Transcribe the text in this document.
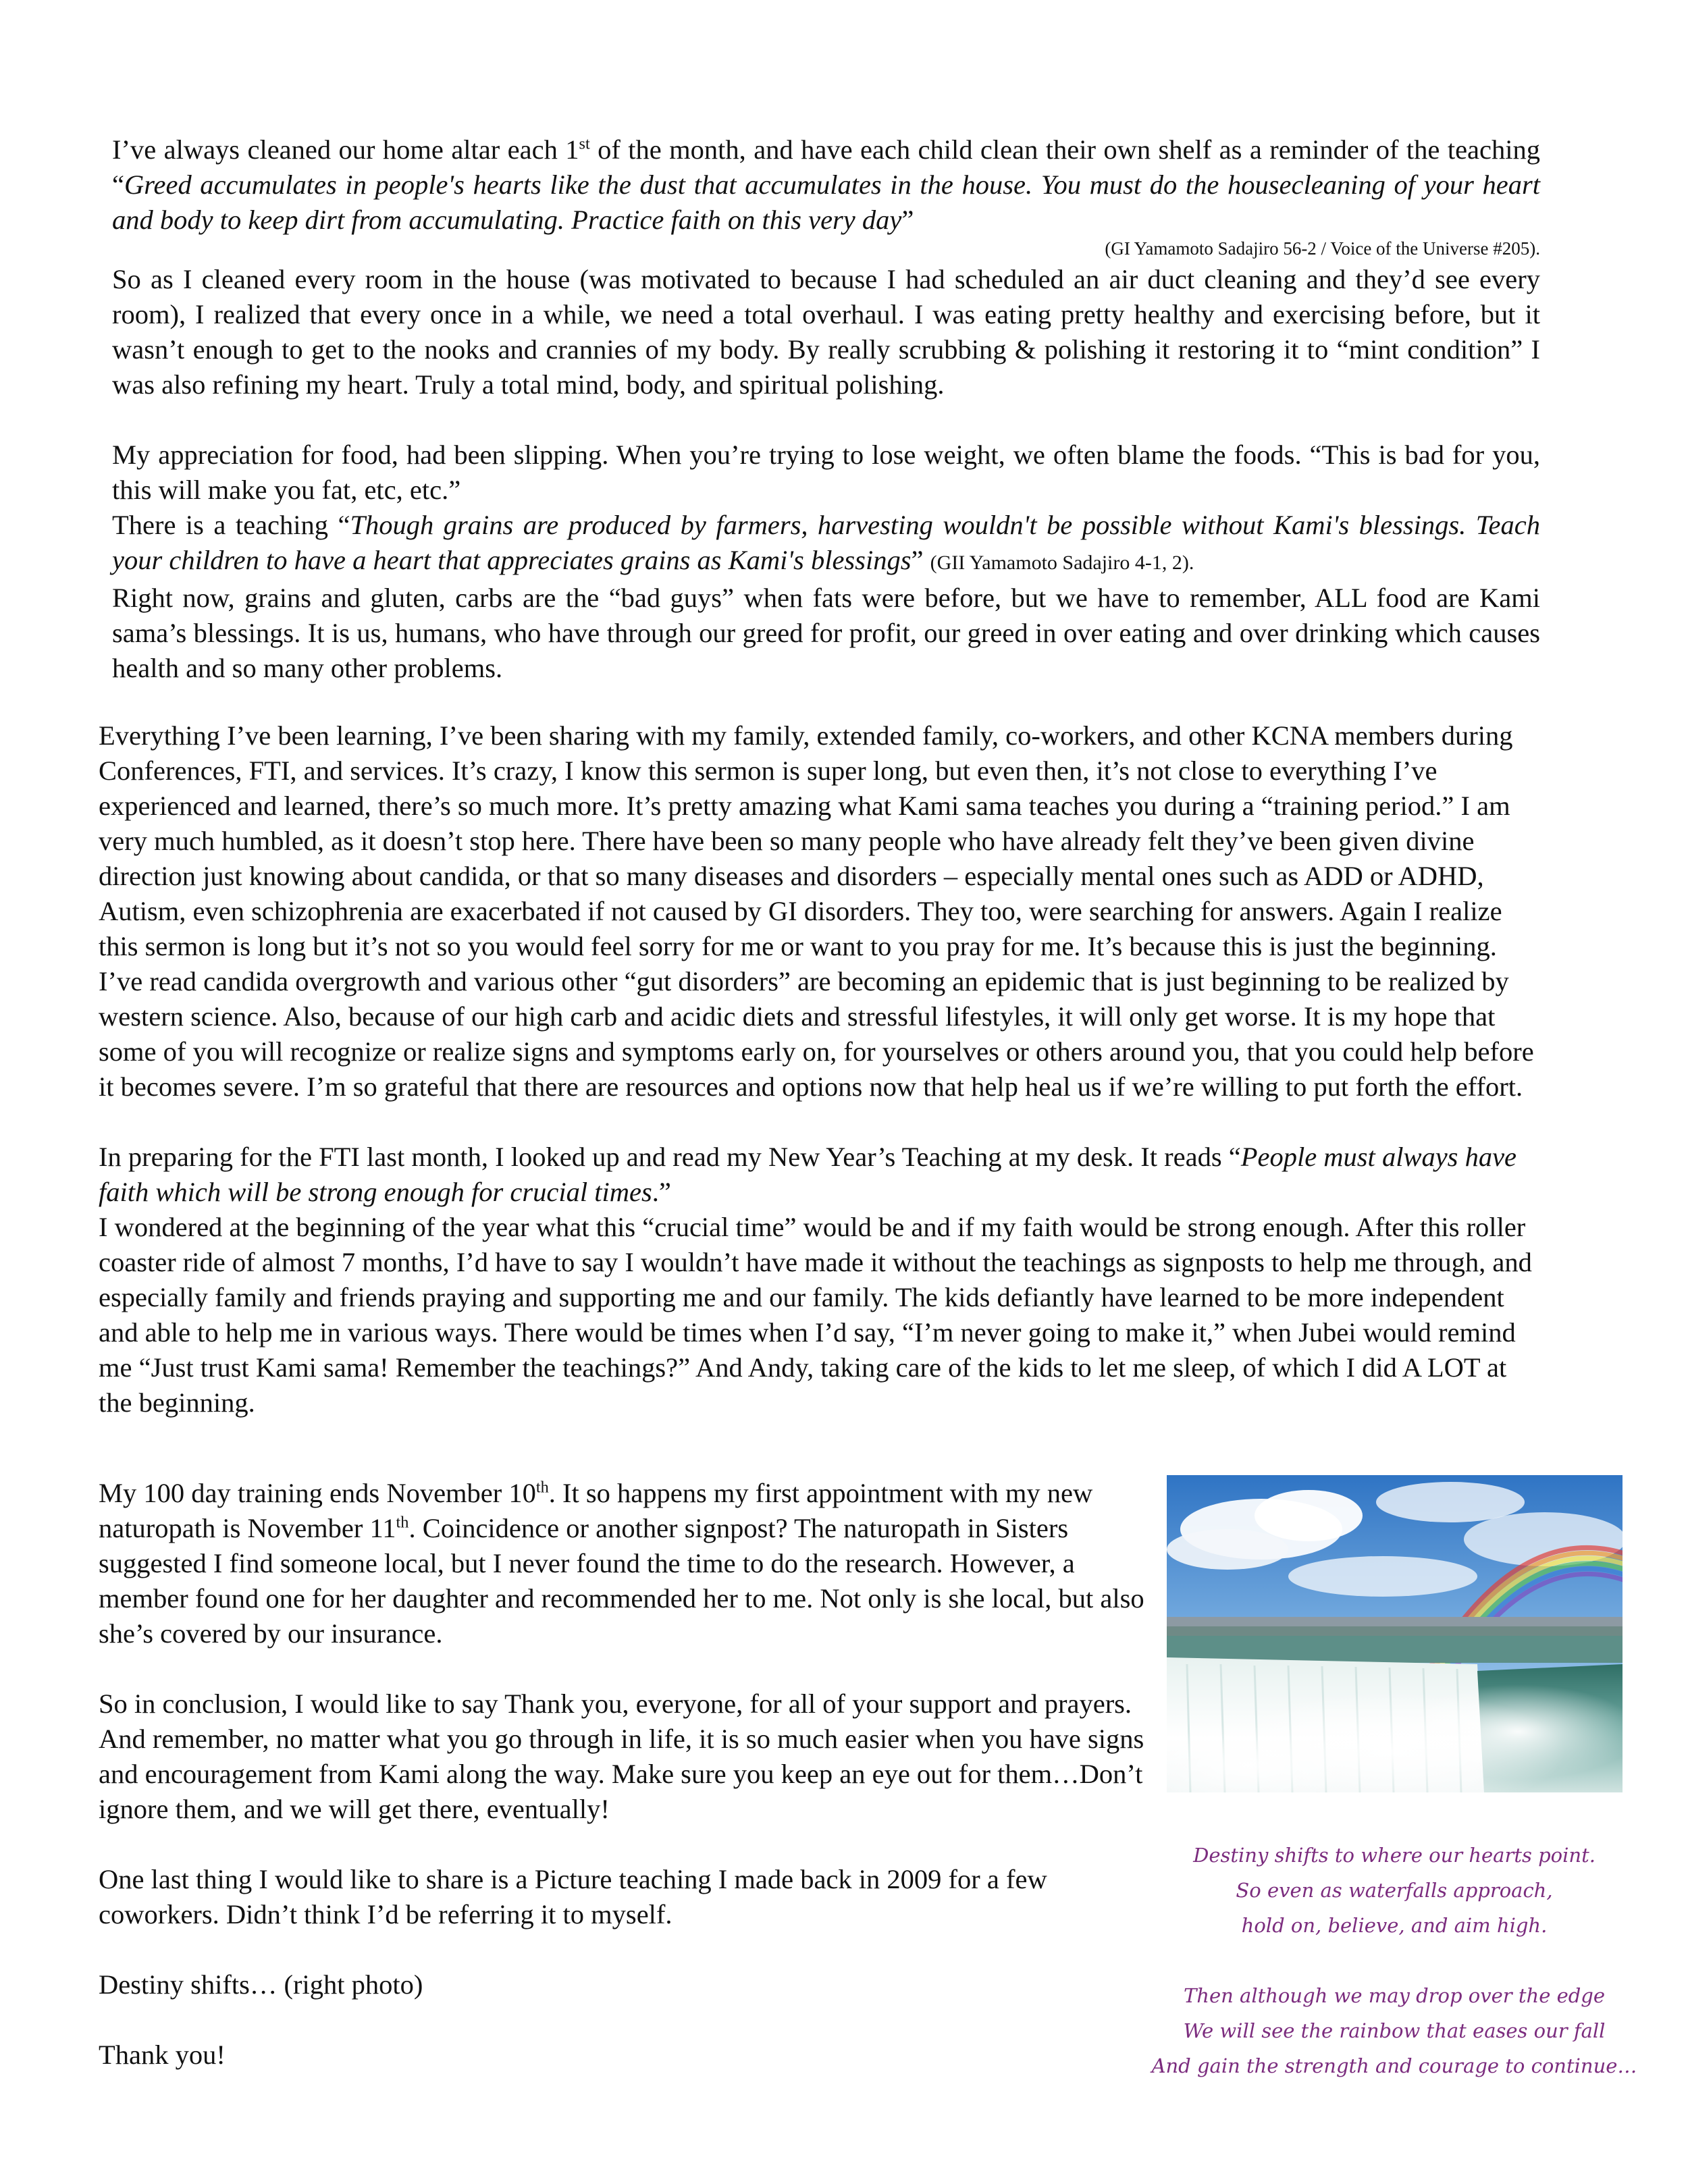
I’ve always cleaned our home altar each 1st of the month, and have each child clean their own shelf as a reminder of the teaching “Greed accumulates in people's hearts like the dust that accumulates in the house. You must do the housecleaning of your heart and body to keep dirt from accumulating. Practice faith on this very day”

(GI Yamamoto Sadajiro 56-2 / Voice of the Universe #205).

So as I cleaned every room in the house (was motivated to because I had scheduled an air duct cleaning and they’d see every room), I realized that every once in a while, we need a total overhaul. I was eating pretty healthy and exercising before, but it wasn’t enough to get to the nooks and crannies of my body. By really scrubbing & polishing it restoring it to “mint condition” I was also refining my heart. Truly a total mind, body, and spiritual polishing.

My appreciation for food, had been slipping. When you’re trying to lose weight, we often blame the foods. “This is bad for you, this will make you fat, etc, etc.”

There is a teaching “Though grains are produced by farmers, harvesting wouldn't be possible without Kami's blessings. Teach your children to have a heart that appreciates grains as Kami's blessings” (GII Yamamoto Sadajiro 4-1, 2).

Right now, grains and gluten, carbs are the “bad guys” when fats were before, but we have to remember, ALL food are Kami sama’s blessings. It is us, humans, who have through our greed for profit, our greed in over eating and over drinking which causes health and so many other problems.

Everything I’ve been learning, I’ve been sharing with my family, extended family, co-workers, and other KCNA members during Conferences, FTI, and services. It’s crazy, I know this sermon is super long, but even then, it’s not close to everything I’ve experienced and learned, there’s so much more. It’s pretty amazing what Kami sama teaches you during a “training period.” I am very much humbled, as it doesn’t stop here. There have been so many people who have already felt they’ve been given divine direction just knowing about candida, or that so many diseases and disorders – especially mental ones such as ADD or ADHD, Autism, even schizophrenia are exacerbated if not caused by GI disorders. They too, were searching for answers. Again I realize this sermon is long but it’s not so you would feel sorry for me or want to you pray for me. It’s because this is just the beginning. I’ve read candida overgrowth and various other “gut disorders” are becoming an epidemic that is just beginning to be realized by western science. Also, because of our high carb and acidic diets and stressful lifestyles, it will only get worse. It is my hope that some of you will recognize or realize signs and symptoms early on, for yourselves or others around you, that you could help before it becomes severe. I’m so grateful that there are resources and options now that help heal us if we’re willing to put forth the effort.

In preparing for the FTI last month, I looked up and read my New Year’s Teaching at my desk. It reads “People must always have faith which will be strong enough for crucial times.”

I wondered at the beginning of the year what this “crucial time” would be and if my faith would be strong enough. After this roller coaster ride of almost 7 months, I’d have to say I wouldn’t have made it without the teachings as signposts to help me through, and especially family and friends praying and supporting me and our family. The kids defiantly have learned to be more independent and able to help me in various ways. There would be times when I’d say, “I’m never going to make it,” when Jubei would remind me “Just trust Kami sama! Remember the teachings?” And Andy, taking care of the kids to let me sleep, of which I did A LOT at the beginning.

My 100 day training ends November 10th. It so happens my first appointment with my new naturopath is November 11th. Coincidence or another signpost? The naturopath in Sisters suggested I find someone local, but I never found the time to do the research. However, a member found one for her daughter and recommended her to me. Not only is she local, but also she’s covered by our insurance.

So in conclusion, I would like to say Thank you, everyone, for all of your support and prayers. And remember, no matter what you go through in life, it is so much easier when you have signs and encouragement from Kami along the way. Make sure you keep an eye out for them…Don’t ignore them, and we will get there, eventually!

One last thing I would like to share is a Picture teaching I made back in 2009 for a few coworkers. Didn’t think I’d be referring it to myself.

Destiny shifts… (right photo)

Thank you!

Destiny shifts to where our hearts point.
So even as waterfalls approach,
hold on, believe, and aim high.
Then although we may drop over the edge
We will see the rainbow that eases our fall
And gain the strength and courage to continue…
